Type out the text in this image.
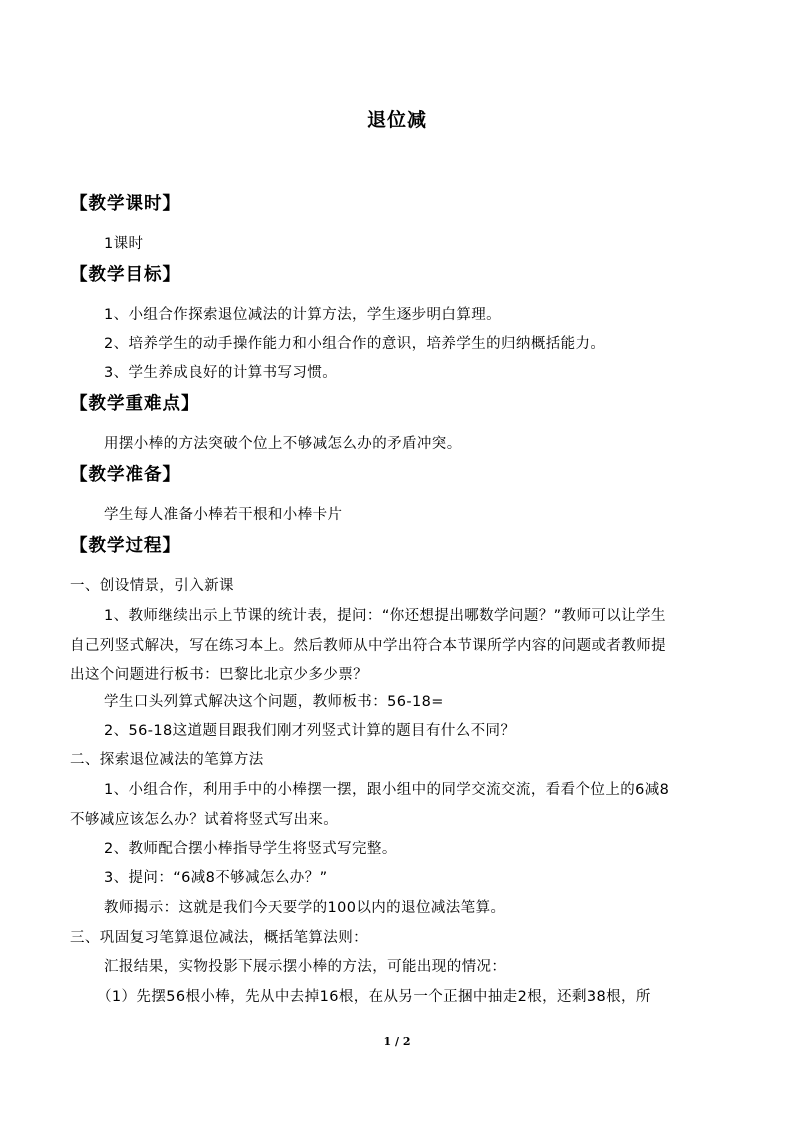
退位减
【教学课时】
1课时
【教学目标】
1、小组合作探索退位减法的计算方法，学生逐步明白算理。
2、培养学生的动手操作能力和小组合作的意识，培养学生的归纳概括能力。
3、学生养成良好的计算书写习惯。
【教学重难点】
用摆小棒的方法突破个位上不够减怎么办的矛盾冲突。
【教学准备】
学生每人准备小棒若干根和小棒卡片
【教学过程】
一、创设情景，引入新课
1、教师继续出示上节课的统计表，提问：“你还想提出哪数学问题？”教师可以让学生
自己列竖式解决，写在练习本上。然后教师从中学出符合本节课所学内容的问题或者教师提
出这个问题进行板书：巴黎比北京少多少票？
学生口头列算式解决这个问题，教师板书：56-18=
2、56-18这道题目跟我们刚才列竖式计算的题目有什么不同？
二、探索退位减法的笔算方法
1、小组合作，利用手中的小棒摆一摆，跟小组中的同学交流交流，看看个位上的6减8
不够减应该怎么办？试着将竖式写出来。
2、教师配合摆小棒指导学生将竖式写完整。
3、提问：“6减8不够减怎么办？”
教师揭示：这就是我们今天要学的100以内的退位减法笔算。
三、巩固复习笔算退位减法，概括笔算法则：
汇报结果，实物投影下展示摆小棒的方法，可能出现的情况：
（1）先摆56根小棒，先从中去掉16根，在从另一个正捆中抽走2根，还剩38根，所
1 / 2
